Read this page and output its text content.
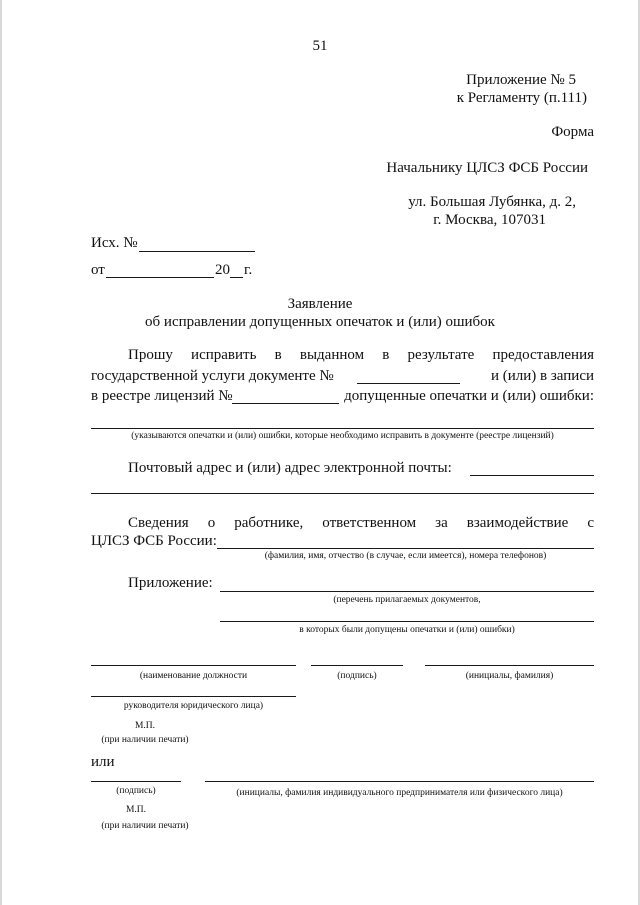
51
Приложение № 5
к Регламенту (п.111)
Форма
Начальнику ЦЛСЗ ФСБ России
ул. Большая Лубянка, д. 2,
г. Москва, 107031
Исх. №
от	20 г.
Заявление
об исправлении допущенных опечаток и (или) ошибок
Прошу исправить в выданном в результате предоставления
государственной услуги документе №	и (или) в записи
в реестре лицензий №	допущенные опечатки и (или) ошибки:
(указываются опечатки и (или) ошибки, которые необходимо исправить в документе (реестре лицензий)
Почтовый адрес и (или) адрес электронной почты:
Сведения о работнике, ответственном за взаимодействие с
ЦЛСЗ ФСБ России:
(фамилия, имя, отчество (в случае, если имеется), номера телефонов)
Приложение:
(перечень прилагаемых документов,
в которых были допущены опечатки и (или) ошибки)
(наименование должности	(подпись)	(инициалы, фамилия)
руководителя юридического лица)
М.П.
(при наличии печати)
или
(подпись)	(инициалы, фамилия индивидуального предпринимателя или физического лица)
М.П.
(при наличии печати)
